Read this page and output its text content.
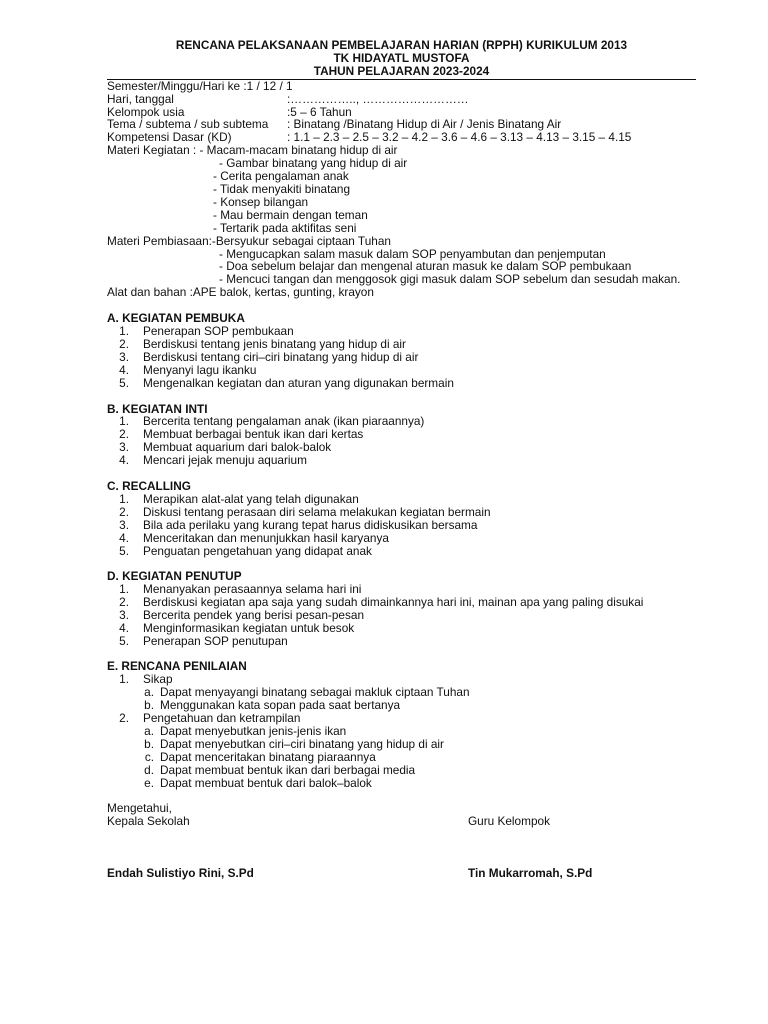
RENCANA PELAKSANAAN PEMBELAJARAN HARIAN (RPPH) KURIKULUM 2013
TK HIDAYATL MUSTOFA
TAHUN PELAJARAN 2023-2024
Semester/Minggu/Hari ke :1 / 12 / 1
Hari, tanggal	:…………….., ………………………
Kelompok usia	:5 – 6 Tahun
Tema / subtema / sub subtema : Binatang /Binatang Hidup di Air / Jenis Binatang Air
Kompetensi Dasar (KD)	: 1.1 – 2.3 – 2.5 – 3.2 – 4.2 – 3.6 – 4.6 – 3.13 – 4.13 – 3.15 – 4.15
Materi Kegiatan : - Macam-macam binatang hidup di air
- Gambar binatang yang hidup di air
- Cerita pengalaman anak
- Tidak menyakiti binatang
- Konsep bilangan
- Mau bermain dengan teman
- Tertarik pada aktifitas seni
Materi Pembiasaan:-Bersyukur sebagai ciptaan Tuhan
- Mengucapkan salam masuk dalam SOP penyambutan dan penjemputan
- Doa sebelum belajar dan mengenal aturan masuk ke dalam SOP pembukaan
- Mencuci tangan dan menggosok gigi masuk dalam SOP sebelum dan sesudah makan.
Alat dan bahan :APE balok, kertas, gunting, krayon
A. KEGIATAN PEMBUKA
1. Penerapan SOP pembukaan
2. Berdiskusi tentang jenis binatang yang hidup di air
3. Berdiskusi tentang ciri–ciri binatang yang hidup di air
4. Menyanyi lagu ikanku
5. Mengenalkan kegiatan dan aturan yang digunakan bermain
B. KEGIATAN INTI
1. Bercerita tentang pengalaman anak (ikan piaraannya)
2. Membuat berbagai bentuk ikan dari kertas
3. Membuat aquarium dari balok-balok
4. Mencari jejak menuju aquarium
C. RECALLING
1. Merapikan alat-alat yang telah digunakan
2. Diskusi tentang perasaan diri selama melakukan kegiatan bermain
3. Bila ada perilaku yang kurang tepat harus didiskusikan bersama
4. Menceritakan dan menunjukkan hasil karyanya
5. Penguatan pengetahuan yang didapat anak
D. KEGIATAN PENUTUP
1. Menanyakan perasaannya selama hari ini
2. Berdiskusi kegiatan apa saja yang sudah dimainkannya hari ini, mainan apa yang paling disukai
3. Bercerita pendek yang berisi pesan-pesan
4. Menginformasikan kegiatan untuk besok
5. Penerapan SOP penutupan
E. RENCANA PENILAIAN
1. Sikap
a. Dapat menyayangi binatang sebagai makluk ciptaan Tuhan
b. Menggunakan kata sopan pada saat bertanya
2. Pengetahuan dan ketrampilan
a. Dapat menyebutkan jenis-jenis ikan
b. Dapat menyebutkan ciri–ciri binatang yang hidup di air
c. Dapat menceritakan binatang piaraannya
d. Dapat membuat bentuk ikan dari berbagai media
e. Dapat membuat bentuk dari balok–balok
Mengetahui,
Kepala Sekolah	Guru Kelompok
Endah Sulistiyo Rini, S.Pd	Tin Mukarromah, S.Pd
